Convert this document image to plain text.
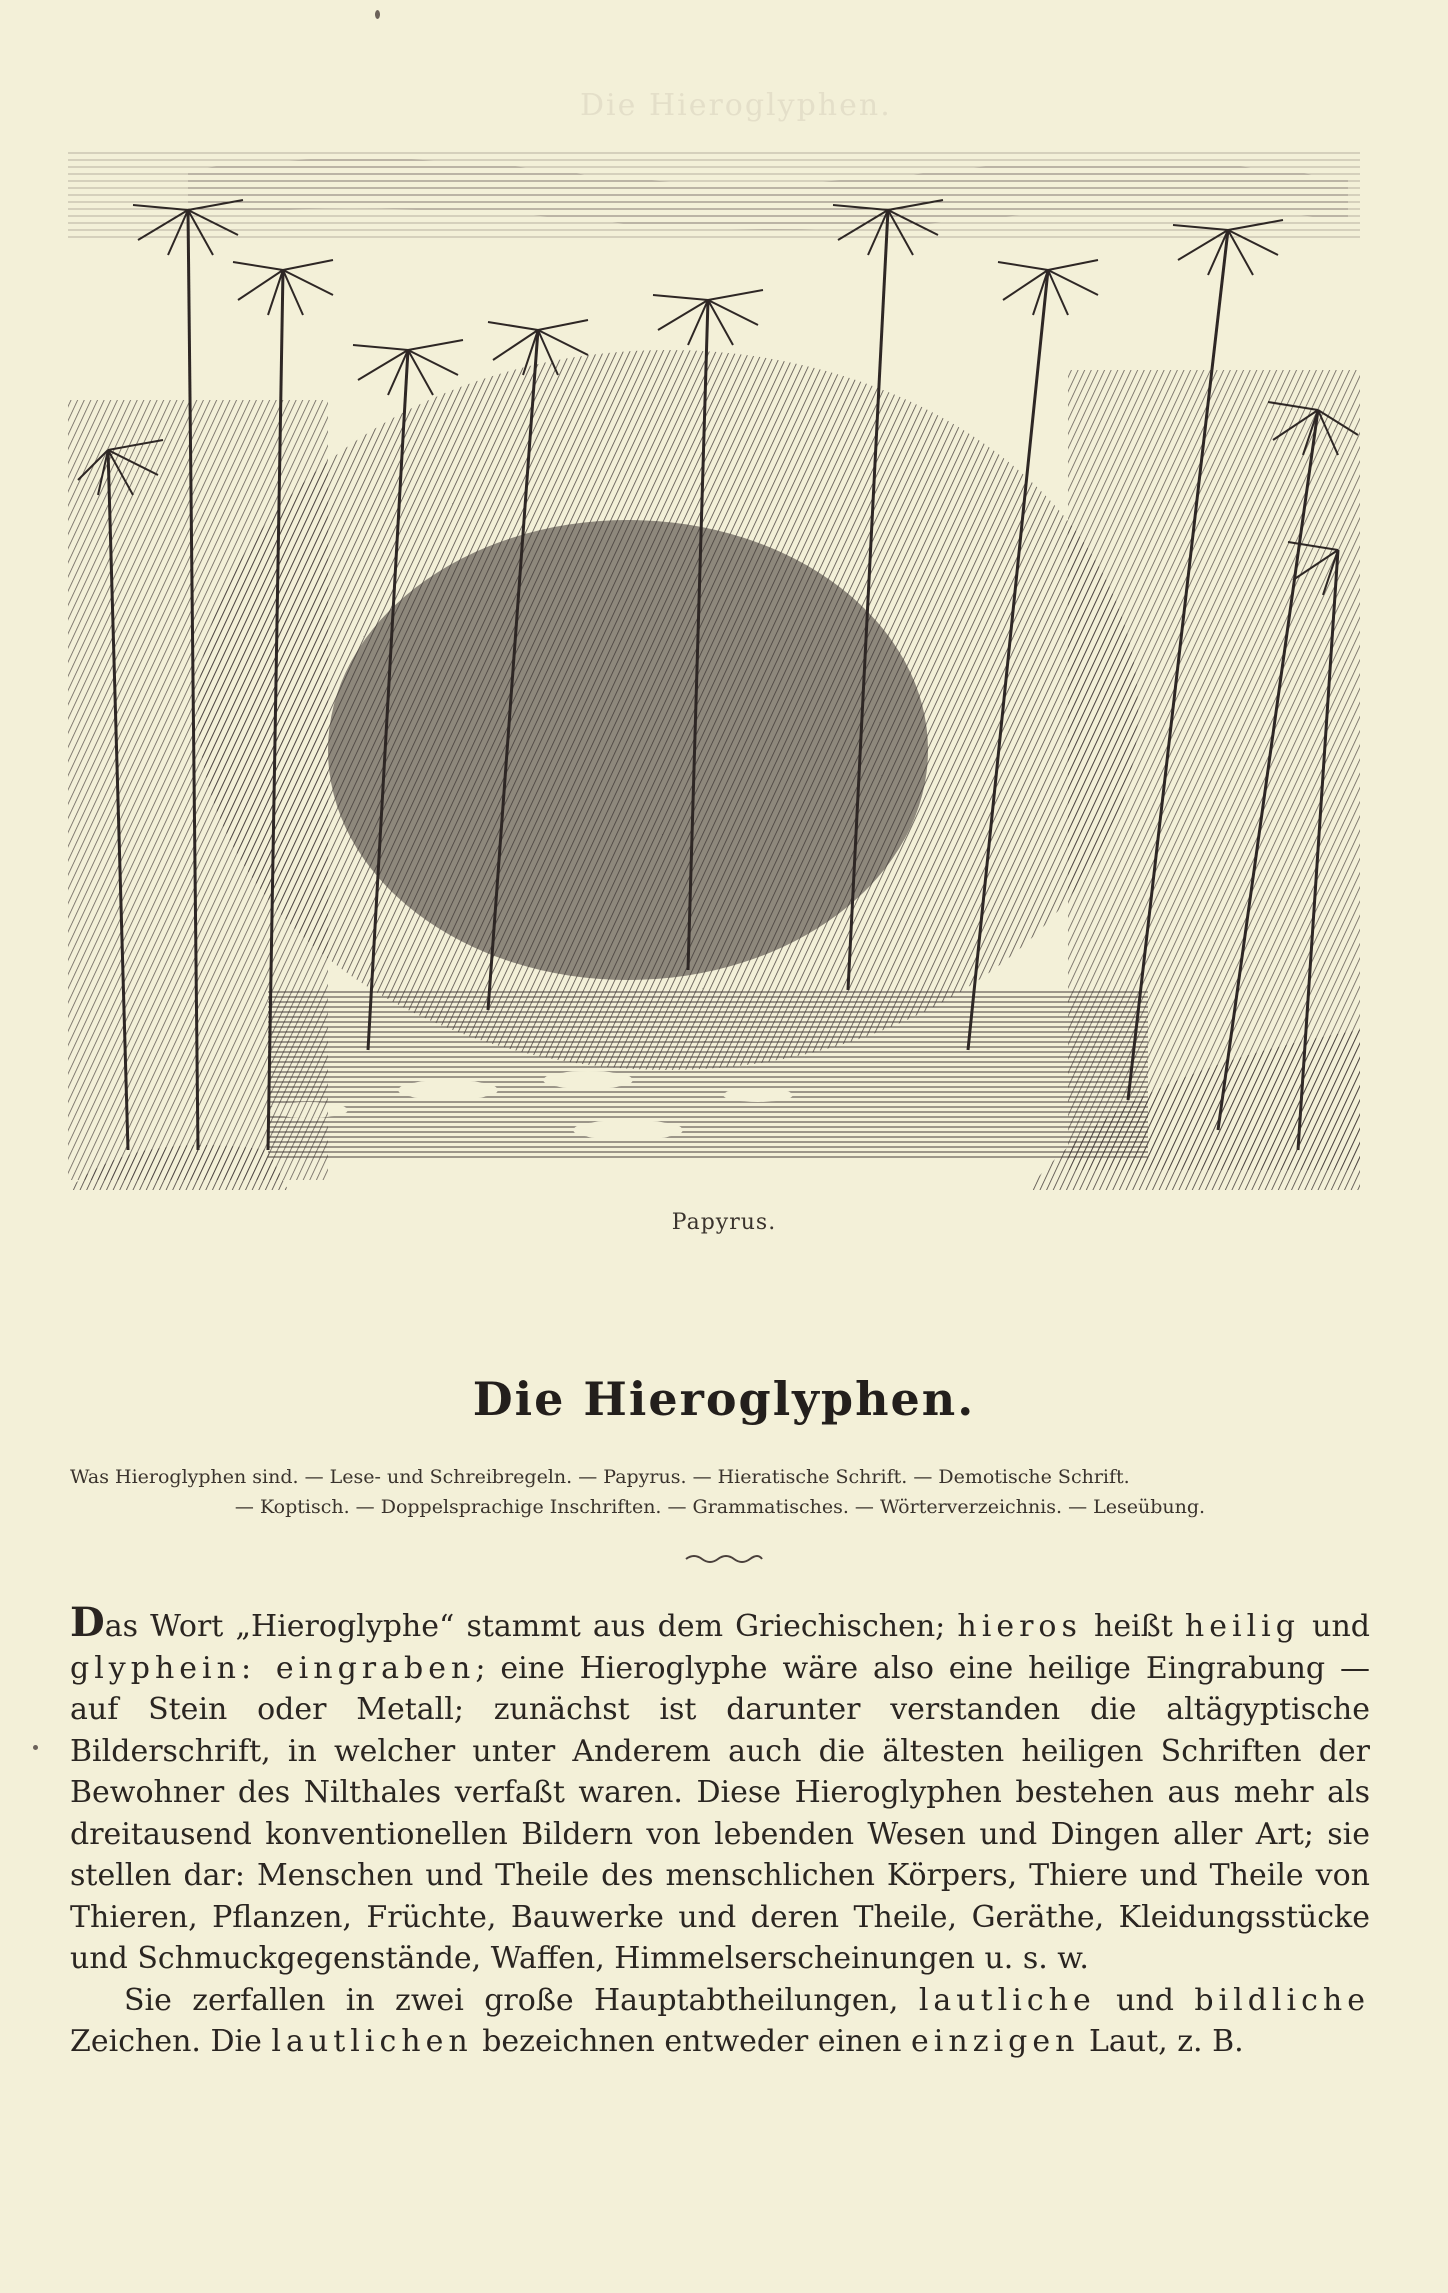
Die Hieroglyphen.
Papyrus.
Die Hieroglyphen.
Was Hieroglyphen sind. — Lese- und Schreibregeln. — Papyrus. — Hieratische Schrift. — Demotische Schrift.
— Koptisch. — Doppelsprachige Inschriften. — Grammatisches. — Wörterverzeichnis. — Leseübung.

Das Wort „Hieroglyphe“ stammt aus dem Griechischen; hieros heißt heilig und glyphein: eingraben; eine Hieroglyphe wäre also eine heilige Eingrabung — auf Stein oder Metall; zunächst ist darunter verstanden die altägyptische Bilderschrift, in welcher unter Anderem auch die ältesten heiligen Schriften der Bewohner des Nilthales verfaßt waren. Diese Hieroglyphen bestehen aus mehr als dreitausend konventionellen Bildern von lebenden Wesen und Dingen aller Art; sie stellen dar: Menschen und Theile des menschlichen Körpers, Thiere und Theile von Thieren, Pflanzen, Früchte, Bauwerke und deren Theile, Geräthe, Kleidungsstücke und Schmuckgegenstände, Waffen, Himmelserscheinungen u. s. w.

Sie zerfallen in zwei große Hauptabtheilungen, lautliche und bildliche Zeichen. Die lautlichen bezeichnen entweder einen einzigen Laut, z. B.
